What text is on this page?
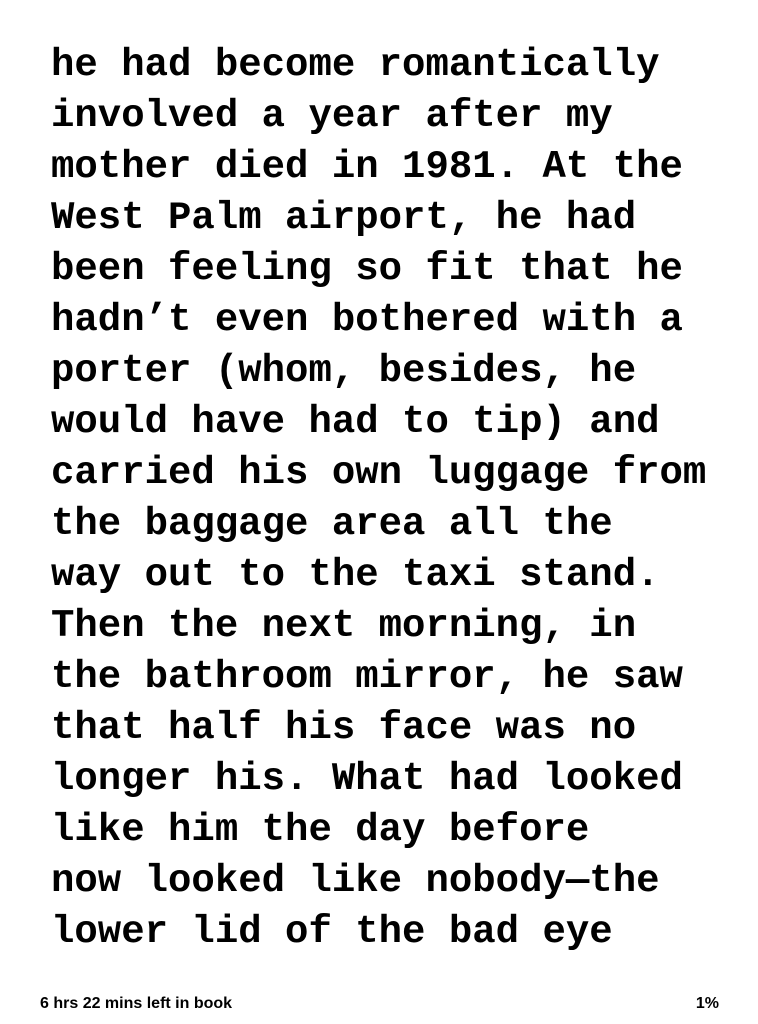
he had become romantically
involved a year after my
mother died in 1981. At the
West Palm airport, he had
been feeling so fit that he
hadn’t even bothered with a
porter (whom, besides, he
would have had to tip) and
carried his own luggage from
the baggage area all the
way out to the taxi stand.
Then the next morning, in
the bathroom mirror, he saw
that half his face was no
longer his. What had looked
like him the day before
now looked like nobody—the
lower lid of the bad eye
6 hrs 22 mins left in book	1%
